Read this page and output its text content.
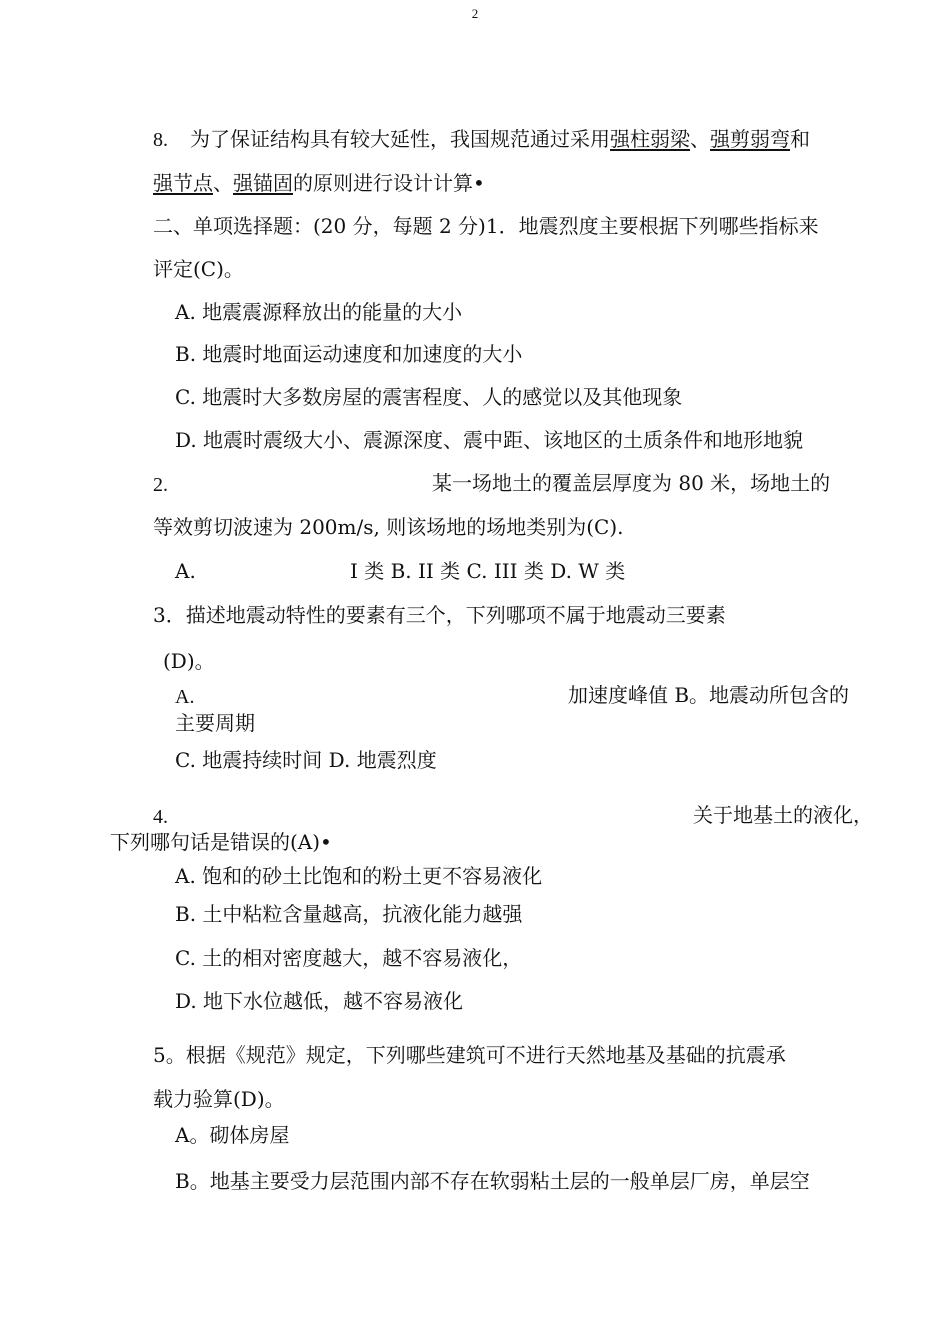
2
8. 为了保证结构具有较大延性，我国规范通过采用强柱弱梁、强剪弱弯和
强节点、强锚固的原则进行设计计算•
二、单项选择题：(20 分，每题 2 分)1．地震烈度主要根据下列哪些指标来
评定(C)。
A. 地震震源释放出的能量的大小
B. 地震时地面运动速度和加速度的大小
C. 地震时大多数房屋的震害程度、人的感觉以及其他现象
D. 地震时震级大小、震源深度、震中距、该地区的土质条件和地形地貌
2.	某一场地土的覆盖层厚度为 80 米，场地土的
等效剪切波速为 200m/s, 则该场地的场地类别为(C).
A.	I 类 B. II 类 C. III 类 D. W 类
3．描述地震动特性的要素有三个，下列哪项不属于地震动三要素
(D)。
A.	加速度峰值 B。地震动所包含的
主要周期
C. 地震持续时间 D. 地震烈度
4.	关于地基土的液化，
下列哪句话是错误的(A)•
A. 饱和的砂土比饱和的粉土更不容易液化
B. 土中粘粒含量越高，抗液化能力越强
C. 土的相对密度越大，越不容易液化，
D. 地下水位越低，越不容易液化
5。根据《规范》规定，下列哪些建筑可不进行天然地基及基础的抗震承
载力验算(D)。
A。砌体房屋
B。地基主要受力层范围内部不存在软弱粘土层的一般单层厂房，单层空
